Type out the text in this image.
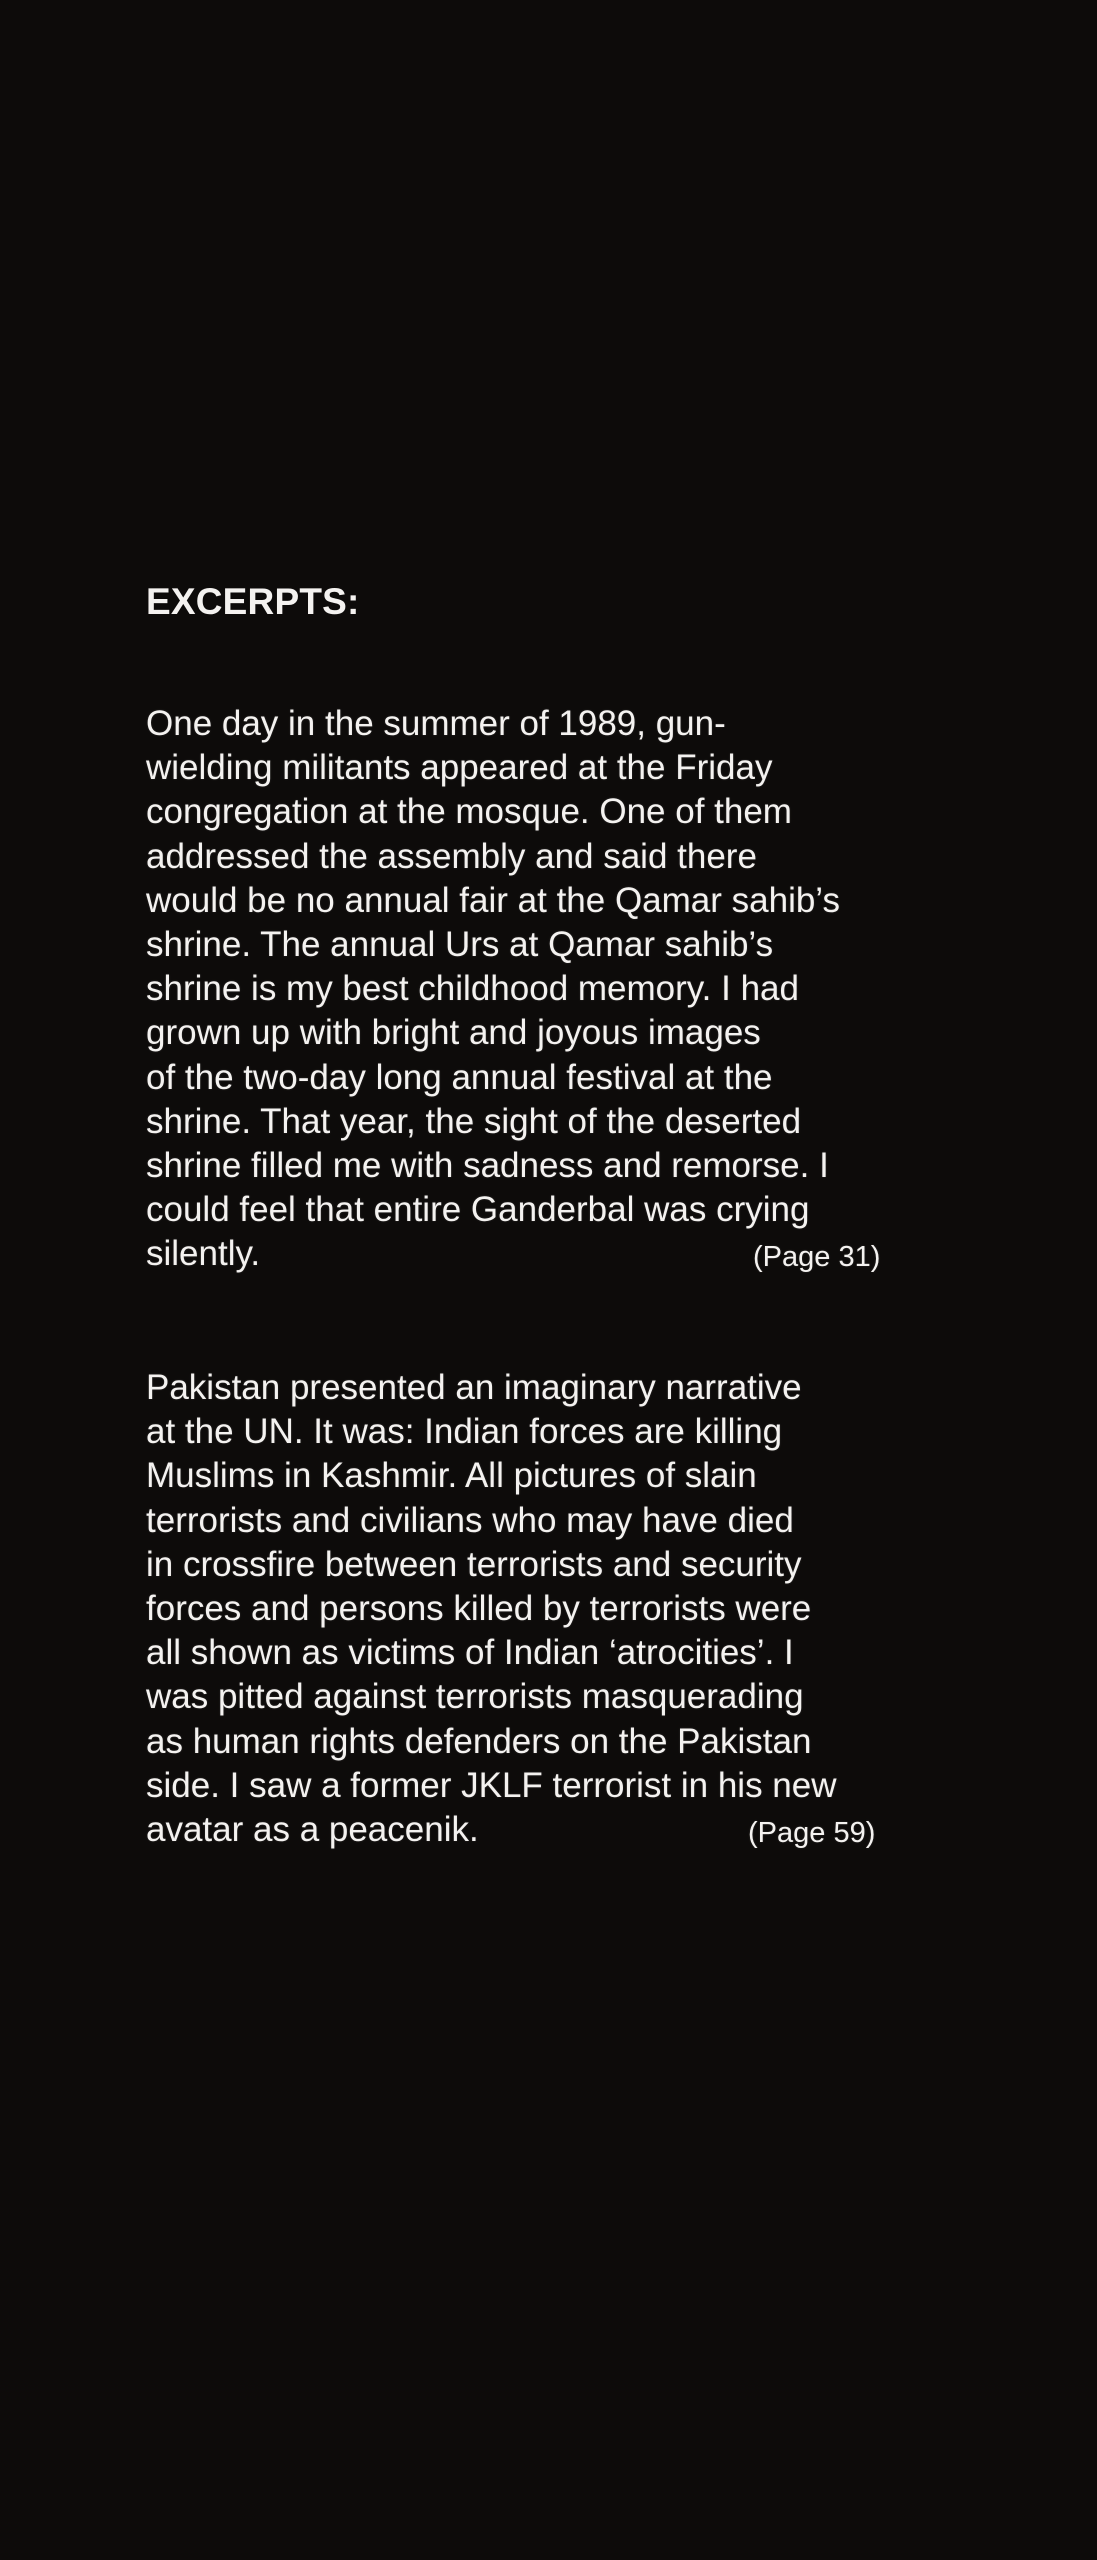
EXCERPTS:
One day in the summer of 1989, gun-
wielding militants appeared at the Friday
congregation at the mosque. One of them
addressed the assembly and said there
would be no annual fair at the Qamar sahib’s
shrine. The annual Urs at Qamar sahib’s
shrine is my best childhood memory. I had
grown up with bright and joyous images
of the two-day long annual festival at the
shrine. That year, the sight of the deserted
shrine filled me with sadness and remorse. I
could feel that entire Ganderbal was crying
silently.	(Page 31)
Pakistan presented an imaginary narrative
at the UN. It was: Indian forces are killing
Muslims in Kashmir. All pictures of slain
terrorists and civilians who may have died
in crossfire between terrorists and security
forces and persons killed by terrorists were
all shown as victims of Indian ‘atrocities’. I
was pitted against terrorists masquerading
as human rights defenders on the Pakistan
side. I saw a former JKLF terrorist in his new
avatar as a peacenik.	(Page 59)
